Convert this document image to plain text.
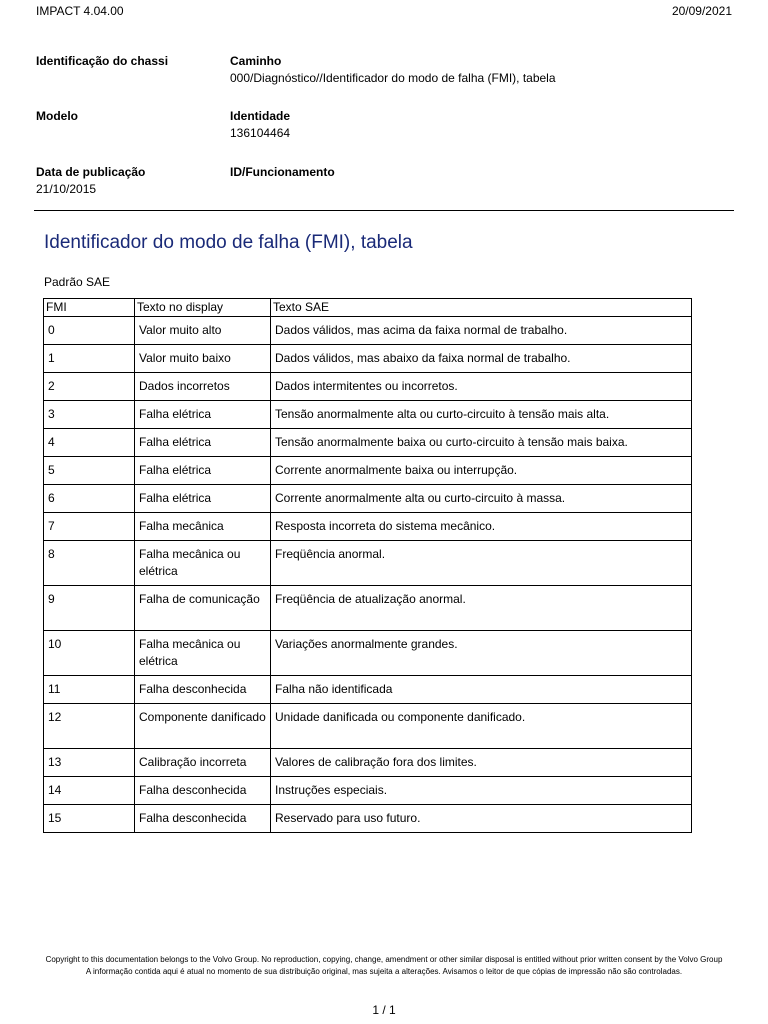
IMPACT 4.04.00	20/09/2021
Identificação do chassi	Caminho
000/Diagnóstico//Identificador do modo de falha (FMI), tabela
Modelo	Identidade
136104464
Data de publicação
21/10/2015
ID/Funcionamento
Identificador do modo de falha (FMI), tabela
Padrão SAE
FMI	Texto no display	Texto SAE
0	Valor muito alto	Dados válidos, mas acima da faixa normal de trabalho.
1	Valor muito baixo	Dados válidos, mas abaixo da faixa normal de trabalho.
2	Dados incorretos	Dados intermitentes ou incorretos.
3	Falha elétrica	Tensão anormalmente alta ou curto-circuito à tensão mais alta.
4	Falha elétrica	Tensão anormalmente baixa ou curto-circuito à tensão mais baixa.
5	Falha elétrica	Corrente anormalmente baixa ou interrupção.
6	Falha elétrica	Corrente anormalmente alta ou curto-circuito à massa.
7	Falha mecânica	Resposta incorreta do sistema mecânico.
8	Falha mecânica ou elétrica	Freqüência anormal.
9	Falha de comunicação	Freqüência de atualização anormal.
10	Falha mecânica ou elétrica	Variações anormalmente grandes.
11	Falha desconhecida	Falha não identificada
12	Componente danificado	Unidade danificada ou componente danificado.
13	Calibração incorreta	Valores de calibração fora dos limites.
14	Falha desconhecida	Instruções especiais.
15	Falha desconhecida	Reservado para uso futuro.
Copyright to this documentation belongs to the Volvo Group. No reproduction, copying, change, amendment or other similar disposal is entitled without prior written consent by the Volvo Group
A informação contida aqui é atual no momento de sua distribuição original, mas sujeita a alterações. Avisamos o leitor de que cópias de impressão não são controladas.
1 / 1
